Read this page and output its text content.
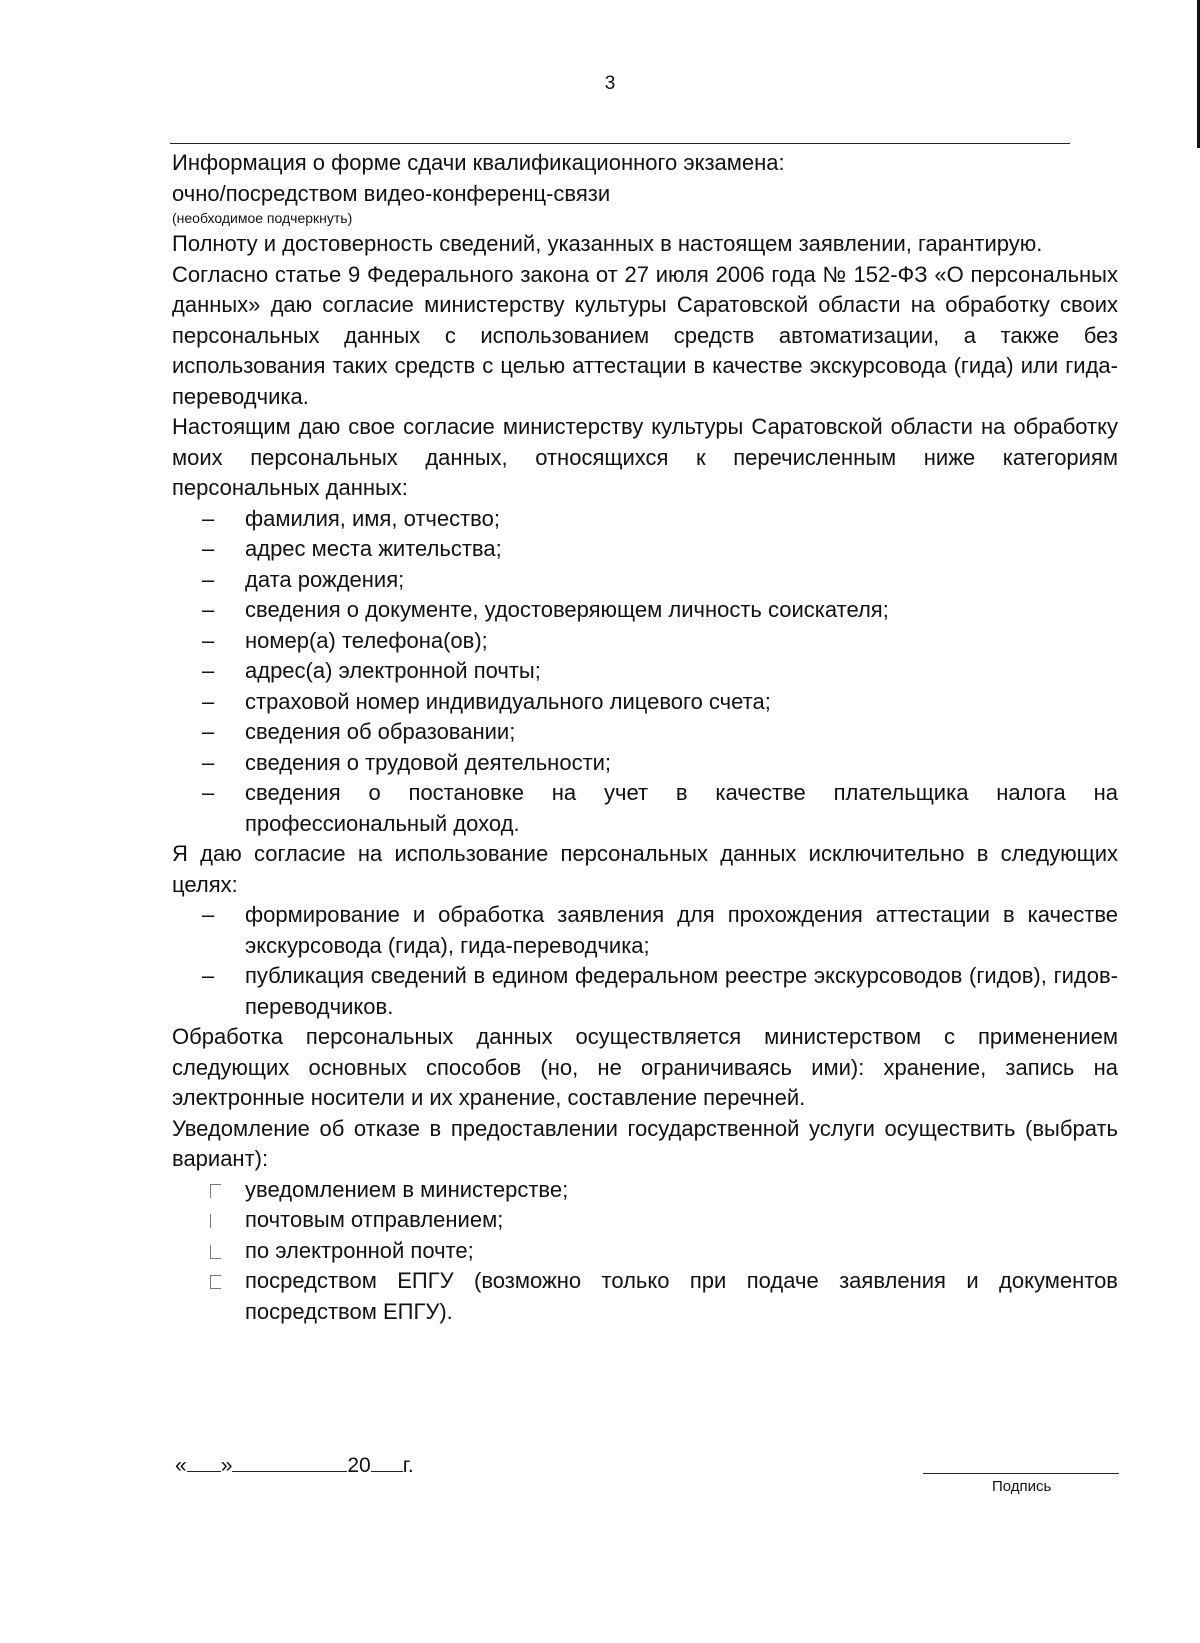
3

Информация о форме сдачи квалификационного экзамена:

очно/посредством видео-конференц-связи

(необходимое подчеркнуть)

Полноту и достоверность сведений, указанных в настоящем заявлении, гарантирую.

Согласно статье 9 Федерального закона от 27 июля 2006 года № 152-ФЗ «О персональных данных» даю согласие министерству культуры Саратовской области на обработку своих персональных данных с использованием средств автоматизации, а также без использования таких средств с целью аттестации в качестве экскурсовода (гида) или гида-переводчика.

Настоящим даю свое согласие министерству культуры Саратовской области на обработку моих персональных данных, относящихся к перечисленным ниже категориям персональных данных:

– фамилия, имя, отчество;
– адрес места жительства;
– дата рождения;
– сведения о документе, удостоверяющем личность соискателя;
– номер(а) телефона(ов);
– адрес(а) электронной почты;
– страховой номер индивидуального лицевого счета;
– сведения об образовании;
– сведения о трудовой деятельности;
– сведения о постановке на учет в качестве плательщика налога на профессиональный доход.

Я даю согласие на использование персональных данных исключительно в следующих целях:

– формирование и обработка заявления для прохождения аттестации в качестве экскурсовода (гида), гида-переводчика;
– публикация сведений в едином федеральном реестре экскурсоводов (гидов), гидов-переводчиков.

Обработка персональных данных осуществляется министерством с применением следующих основных способов (но, не ограничиваясь ими): хранение, запись на электронные носители и их хранение, составление перечней.

Уведомление об отказе в предоставлении государственной услуги осуществить (выбрать вариант):

уведомлением в министерстве;
почтовым отправлением;
по электронной почте;
посредством ЕПГУ (возможно только при подаче заявления и документов посредством ЕПГУ).
« »	20 г.
Подпись
